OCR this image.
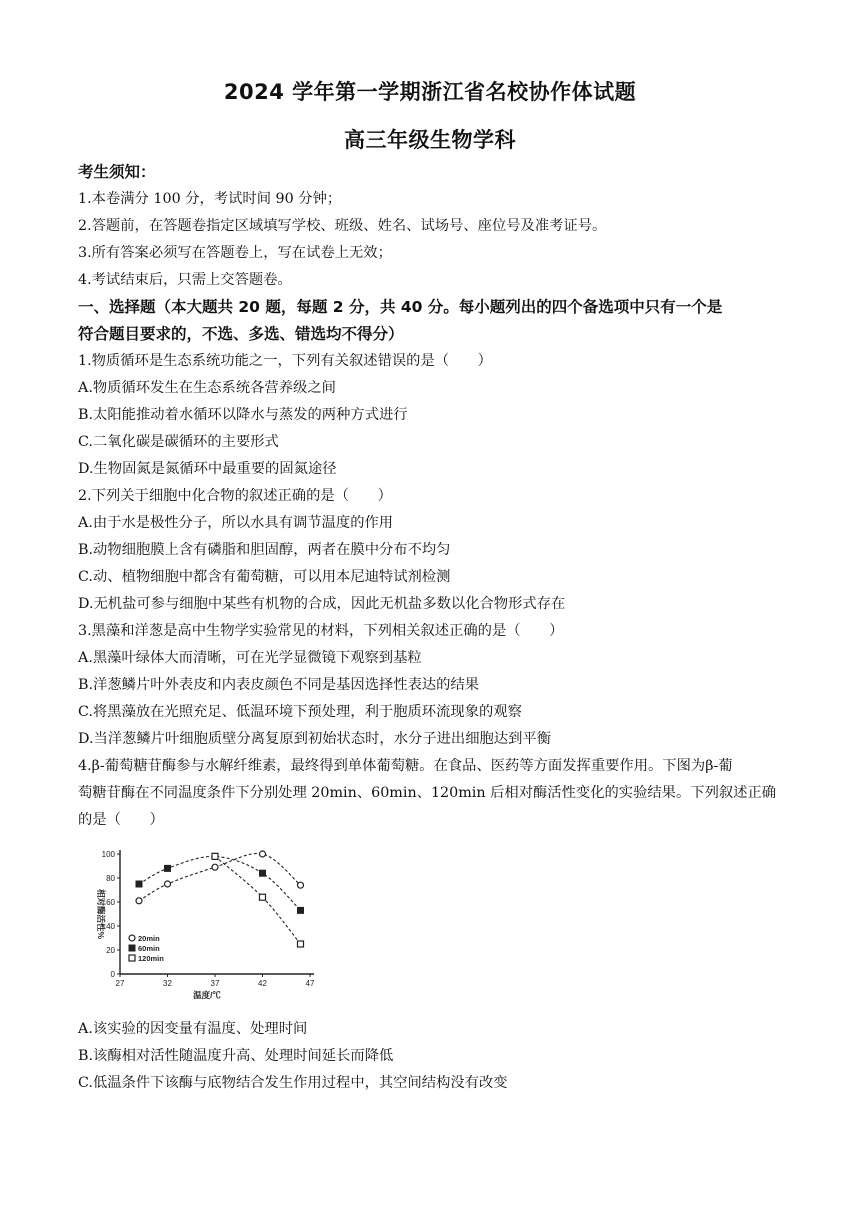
2024 学年第一学期浙江省名校协作体试题
高三年级生物学科
考生须知：
1.本卷满分 100 分，考试时间 90 分钟；
2.答题前，在答题卷指定区域填写学校、班级、姓名、试场号、座位号及准考证号。
3.所有答案必须写在答题卷上，写在试卷上无效；
4.考试结束后，只需上交答题卷。
一、选择题（本大题共 20 题，每题 2 分，共 40 分。每小题列出的四个备选项中只有一个是
符合题目要求的，不选、多选、错选均不得分）
1.物质循环是生态系统功能之一，下列有关叙述错误的是（　　）
A.物质循环发生在生态系统各营养级之间
B.太阳能推动着水循环以降水与蒸发的两种方式进行
C.二氧化碳是碳循环的主要形式
D.生物固氮是氮循环中最重要的固氮途径
2.下列关于细胞中化合物的叙述正确的是（　　）
A.由于水是极性分子，所以水具有调节温度的作用
B.动物细胞膜上含有磷脂和胆固醇，两者在膜中分布不均匀
C.动、植物细胞中都含有葡萄糖，可以用本尼迪特试剂检测
D.无机盐可参与细胞中某些有机物的合成，因此无机盐多数以化合物形式存在
3.黑藻和洋葱是高中生物学实验常见的材料，下列相关叙述正确的是（　　）
A.黑藻叶绿体大而清晰，可在光学显微镜下观察到基粒
B.洋葱鳞片叶外表皮和内表皮颜色不同是基因选择性表达的结果
C.将黑藻放在光照充足、低温环境下预处理，利于胞质环流现象的观察
D.当洋葱鳞片叶细胞质壁分离复原到初始状态时，水分子进出细胞达到平衡
4.β-葡萄糖苷酶参与水解纤维素，最终得到单体葡萄糖。在食品、医药等方面发挥重要作用。下图为β-葡
萄糖苷酶在不同温度条件下分别处理 20min、60min、120min 后相对酶活性变化的实验结果。下列叙述正确
的是（　　）
0
20
40
60
80
100
27	32	37	42	47
温度/℃
相对酶活性%	20min
60min
120min
A.该实验的因变量有温度、处理时间
B.该酶相对活性随温度升高、处理时间延长而降低
C.低温条件下该酶与底物结合发生作用过程中，其空间结构没有改变
